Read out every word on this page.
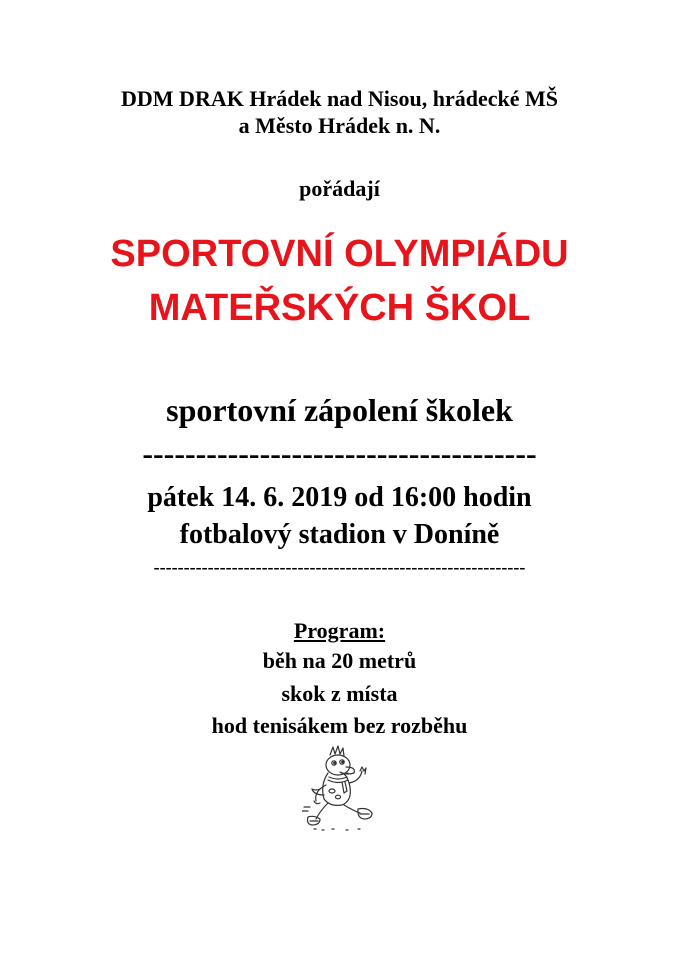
DDM DRAK Hrádek nad Nisou, hrádecké MŠ
a Město Hrádek n. N.
pořádají
SPORTOVNÍ OLYMPIÁDU
MATEŘSKÝCH ŠKOL
sportovní zápolení školek
-------------------------------------
pátek 14. 6. 2019 od 16:00 hodin
fotbalový stadion v Doníně
--------------------------------------------------------------
Program:
běh na 20 metrů
skok z místa
hod tenisákem bez rozběhu
